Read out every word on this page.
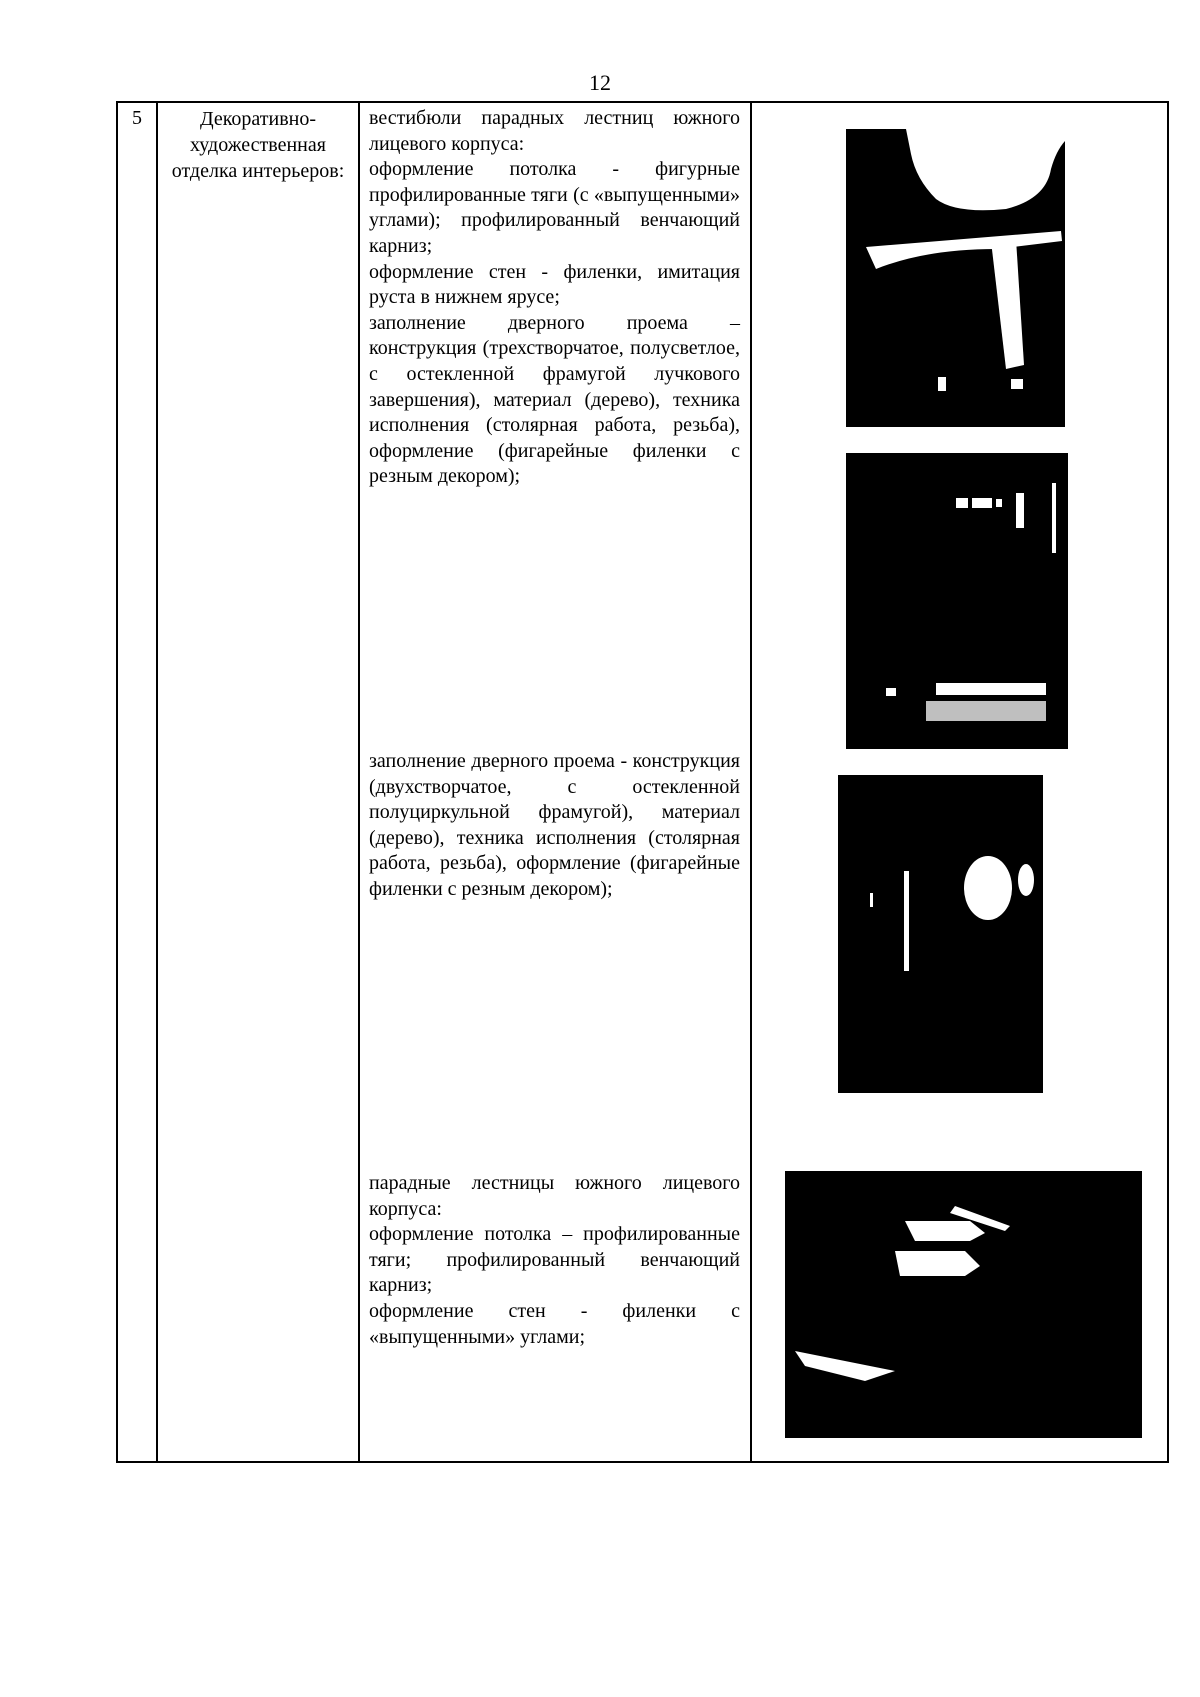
12
5	Декоративно-художественная отделка интерьеров:

вестибюли парадных лестниц южного лицевого корпуса:

оформление потолка - фигурные профилированные тяги (с «выпущенными» углами); профилированный венчающий карниз;

оформление стен - филенки, имитация руста в нижнем ярусе;

заполнение дверного проема – конструкция (трехстворчатое, полусветлое, с остекленной фрамугой лучкового завершения), материал (дерево), техника исполнения (столярная работа, резьба), оформление (фигарейные филенки с резным декором);

заполнение дверного проема - конструкция (двухстворчатое, с остекленной полуциркульной фрамугой), материал (дерево), техника исполнения (столярная работа, резьба), оформление (фигарейные филенки с резным декором);

парадные лестницы южного лицевого корпуса:

оформление потолка – профилированные тяги; профилированный венчающий карниз;

оформление стен - филенки с «выпущенными» углами;
